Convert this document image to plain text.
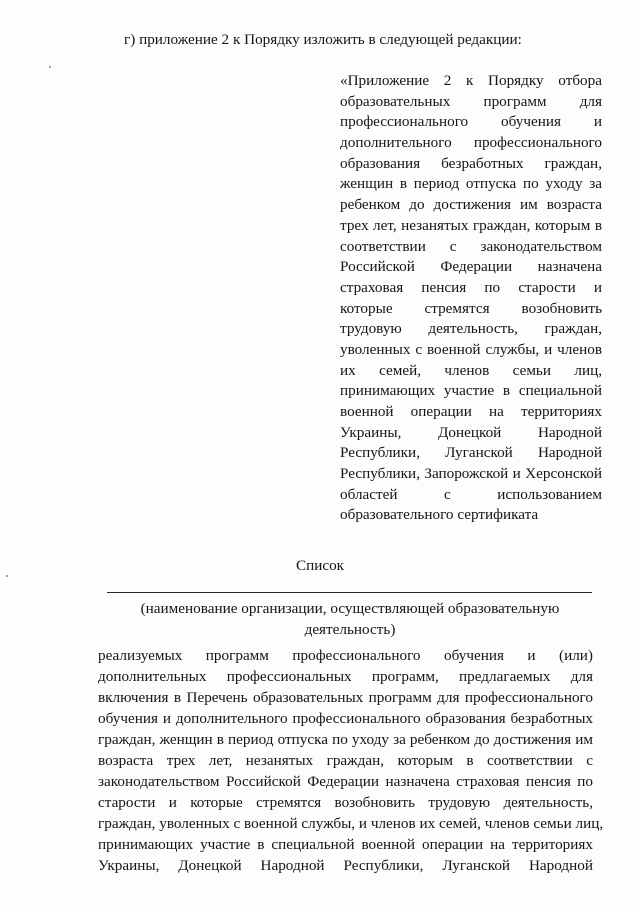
г) приложение 2 к Порядку изложить в следующей редакции:
«Приложение 2 к Порядку отбора
образовательных программ для
профессионального обучения и
дополнительного профессионального
образования безработных граждан,
женщин в период отпуска по уходу за
ребенком до достижения им возраста
трех лет, незанятых граждан, которым в
соответствии с законодательством
Российской Федерации назначена
страховая пенсия по старости и
которые стремятся возобновить
трудовую деятельность, граждан,
уволенных с военной службы, и членов
их семей, членов семьи лиц,
принимающих участие в специальной
военной операции на территориях
Украины, Донецкой Народной
Республики, Луганской Народной
Республики, Запорожской и Херсонской
областей с использованием
образовательного сертификата
Список
(наименование организации, осуществляющей образовательную
деятельность)
реализуемых программ профессионального обучения и (или)
дополнительных профессиональных программ, предлагаемых для
включения в Перечень образовательных программ для профессионального
обучения и дополнительного профессионального образования безработных
граждан, женщин в период отпуска по уходу за ребенком до достижения им
возраста трех лет, незанятых граждан, которым в соответствии с
законодательством Российской Федерации назначена страховая пенсия по
старости и которые стремятся возобновить трудовую деятельность,
граждан, уволенных с военной службы, и членов их семей, членов семьи лиц,
принимающих участие в специальной военной операции на территориях
Украины, Донецкой Народной Республики, Луганской Народной
